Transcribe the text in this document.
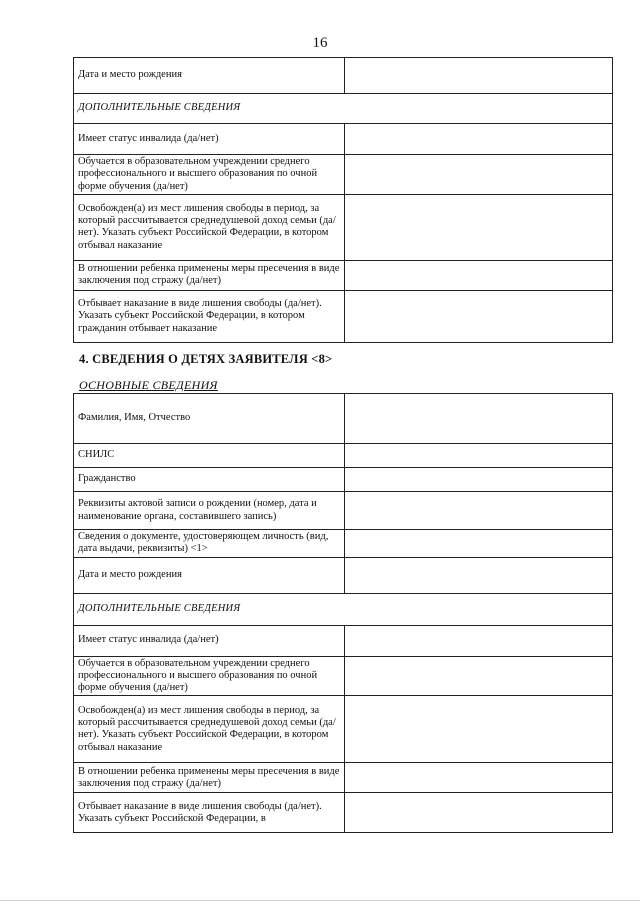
16
Дата и место рождения	
ДОПОЛНИТЕЛЬНЫЕ СВЕДЕНИЯ	
Имеет статус инвалида (да/нет)	
Обучается в образовательном учреждении среднего профессионального и высшего образования по очной форме обучения (да/нет)	
Освобожден(а) из мест лишения свободы в период, за который рассчитывается среднедушевой доход семьи (да/нет). Указать субъект Российской Федерации, в котором отбывал наказание	
В отношении ребенка применены меры пресечения в виде заключения под стражу (да/нет)	
Отбывает наказание в виде лишения свободы (да/нет). Указать субъект Российской Федерации, в котором гражданин отбывает наказание	
4. СВЕДЕНИЯ О ДЕТЯХ ЗАЯВИТЕЛЯ <8>
ОСНОВНЫЕ СВЕДЕНИЯ
Фамилия, Имя, Отчество	
СНИЛС	
Гражданство	
Реквизиты актовой записи о рождении (номер, дата и наименование органа, составившего запись)	
Сведения о документе, удостоверяющем личность (вид, дата выдачи, реквизиты) <1>	
Дата и место рождения	
ДОПОЛНИТЕЛЬНЫЕ СВЕДЕНИЯ	
Имеет статус инвалида (да/нет)	
Обучается в образовательном учреждении среднего профессионального и высшего образования по очной форме обучения (да/нет)	
Освобожден(а) из мест лишения свободы в период, за который рассчитывается среднедушевой доход семьи (да/нет). Указать субъект Российской Федерации, в котором отбывал наказание	
В отношении ребенка применены меры пресечения в виде заключения под стражу (да/нет)	
Отбывает наказание в виде лишения свободы (да/нет). Указать субъект Российской Федерации, в	
